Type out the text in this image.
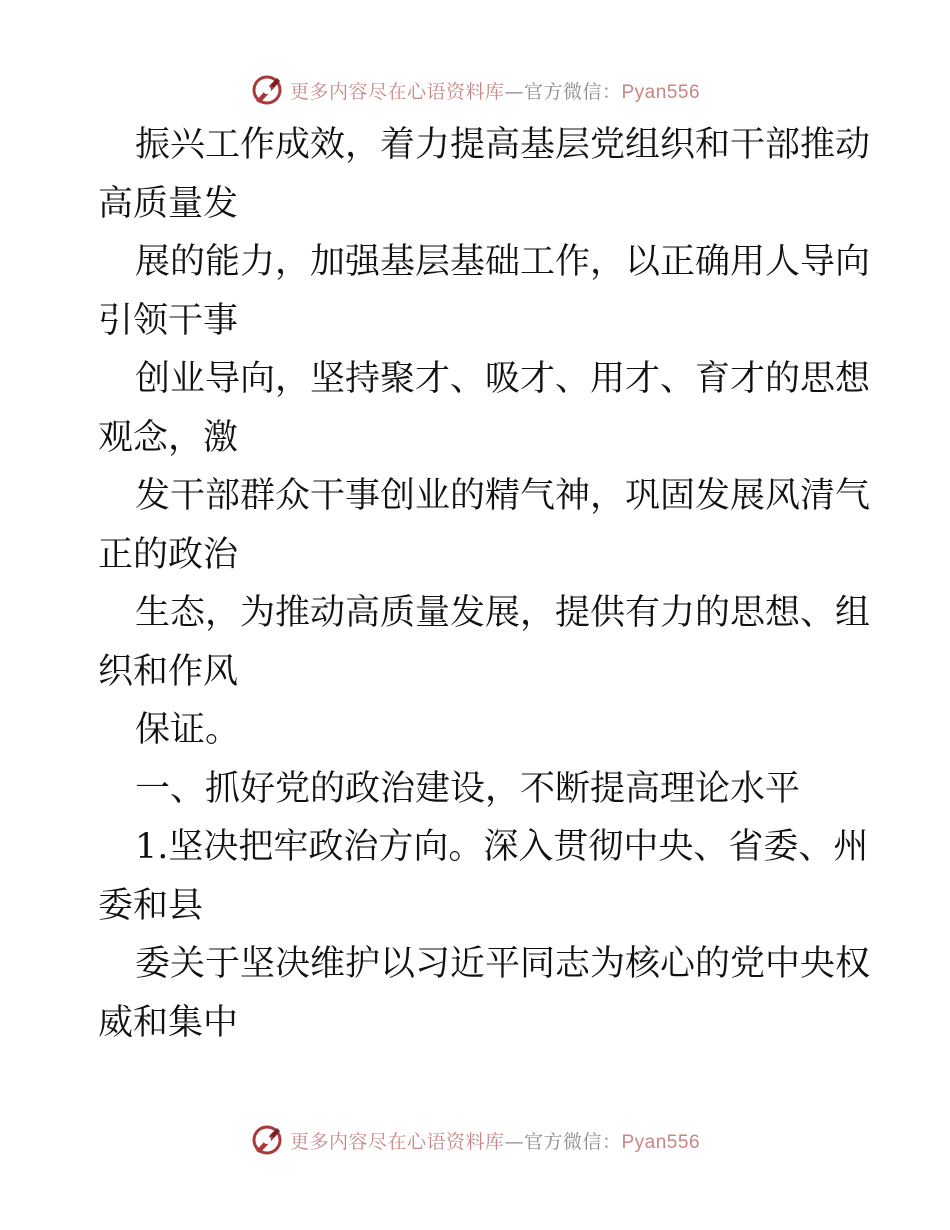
更多内容尽在心语资料库—官方微信：Pyan556
振兴工作成效，着力提高基层党组织和干部推动
高质量发
展的能力，加强基层基础工作，以正确用人导向
引领干事
创业导向，坚持聚才、吸才、用才、育才的思想
观念，激
发干部群众干事创业的精气神，巩固发展风清气
正的政治
生态，为推动高质量发展，提供有力的思想、组
织和作风
保证。
一、抓好党的政治建设，不断提高理论水平
1.坚决把牢政治方向。深入贯彻中央、省委、州
委和县
委关于坚决维护以习近平同志为核心的党中央权
威和集中
更多内容尽在心语资料库—官方微信：Pyan556
